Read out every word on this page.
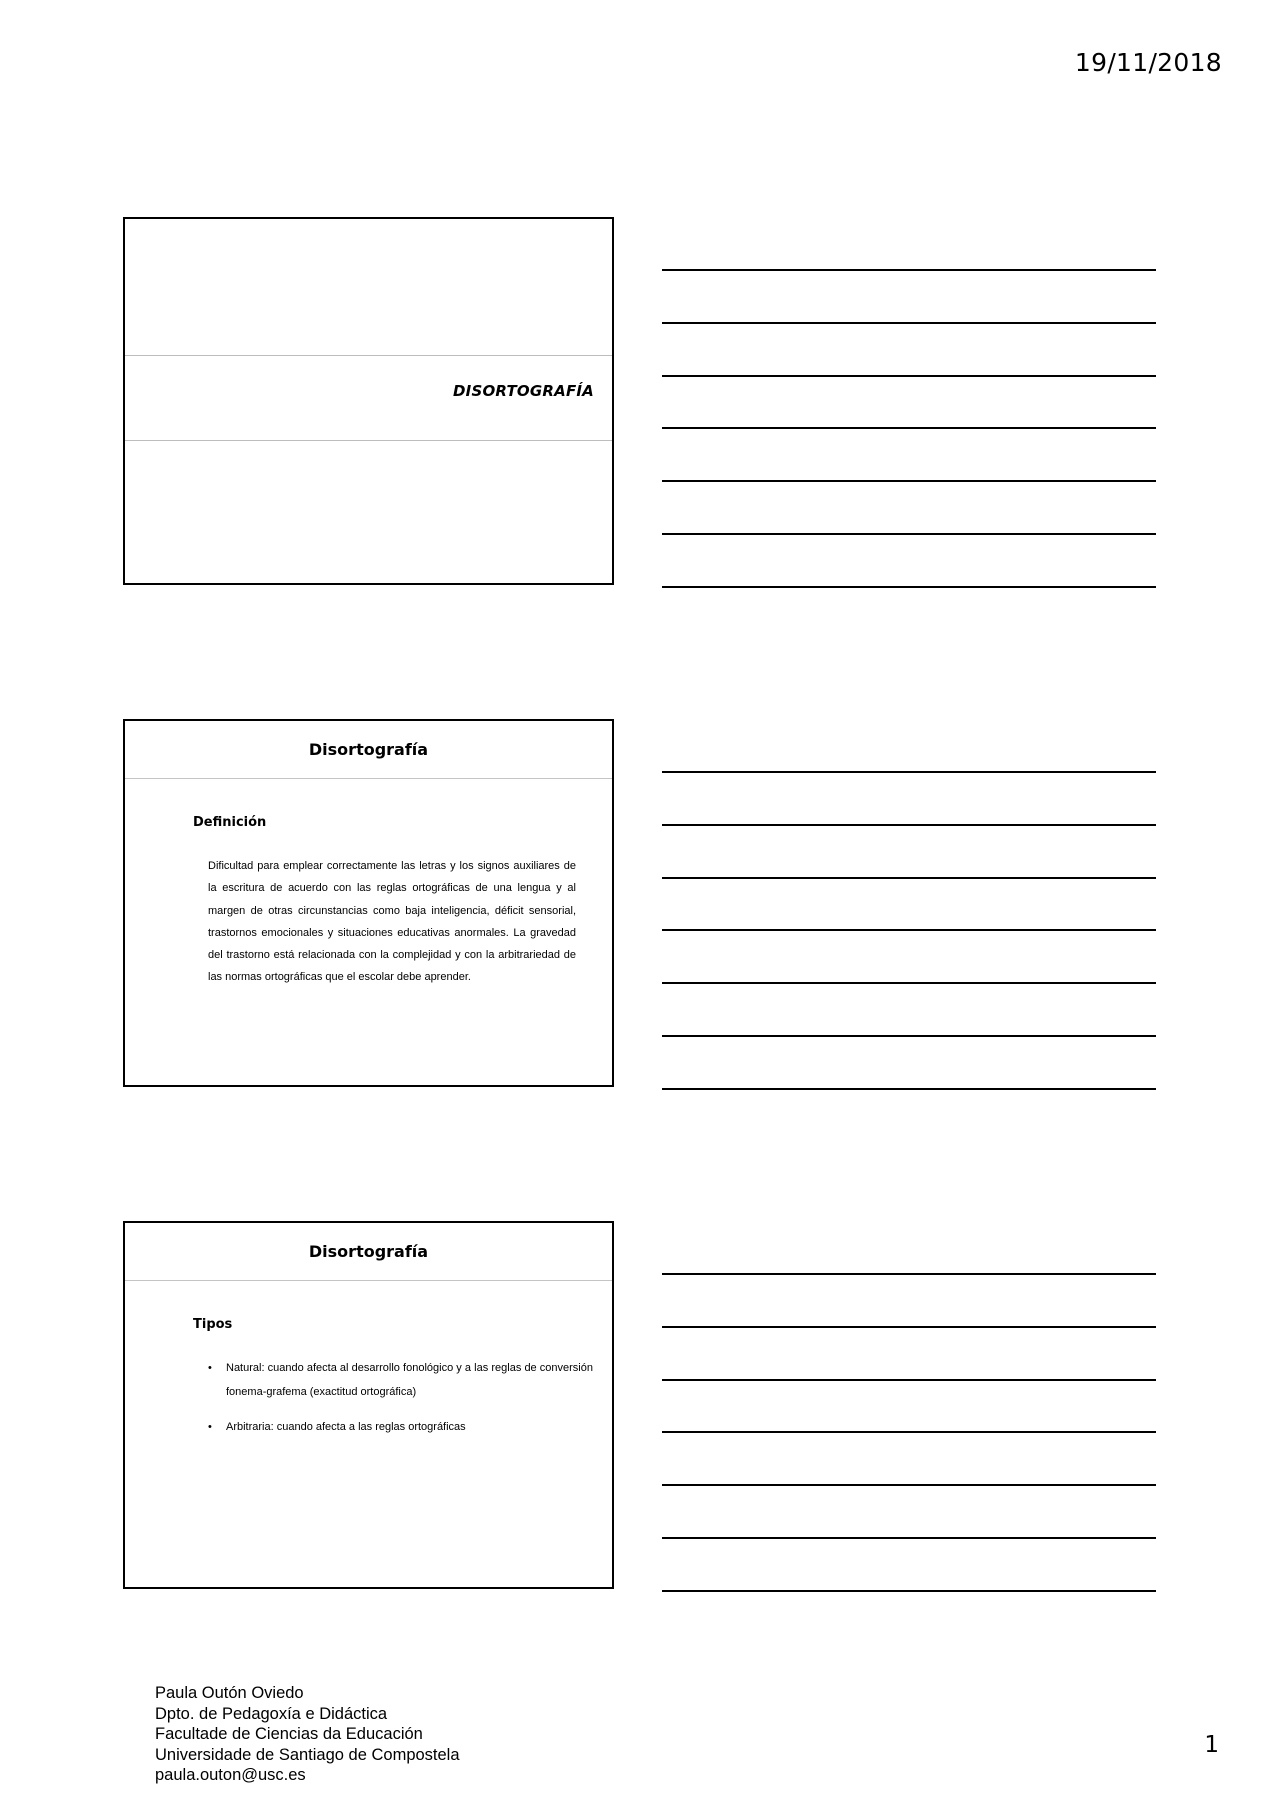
19/11/2018
DISORTOGRAFÍA
Disortografía
Definición
Dificultad para emplear correctamente las letras y los signos auxiliares de la escritura de acuerdo con las reglas ortográficas de una lengua y al margen de otras circunstancias como baja inteligencia, déficit sensorial, trastornos emocionales y situaciones educativas anormales. La gravedad del trastorno está relacionada con la complejidad y con la arbitrariedad de las normas ortográficas que el escolar debe aprender.
Disortografía
Tipos
• Natural: cuando afecta al desarrollo fonológico y a las reglas de conversión fonema-grafema (exactitud ortográfica)
• Arbitraria: cuando afecta a las reglas ortográficas
Paula Outón Oviedo
Dpto. de Pedagoxía e Didáctica
Facultade de Ciencias da Educación
Universidade de Santiago de Compostela
paula.outon@usc.es
1
